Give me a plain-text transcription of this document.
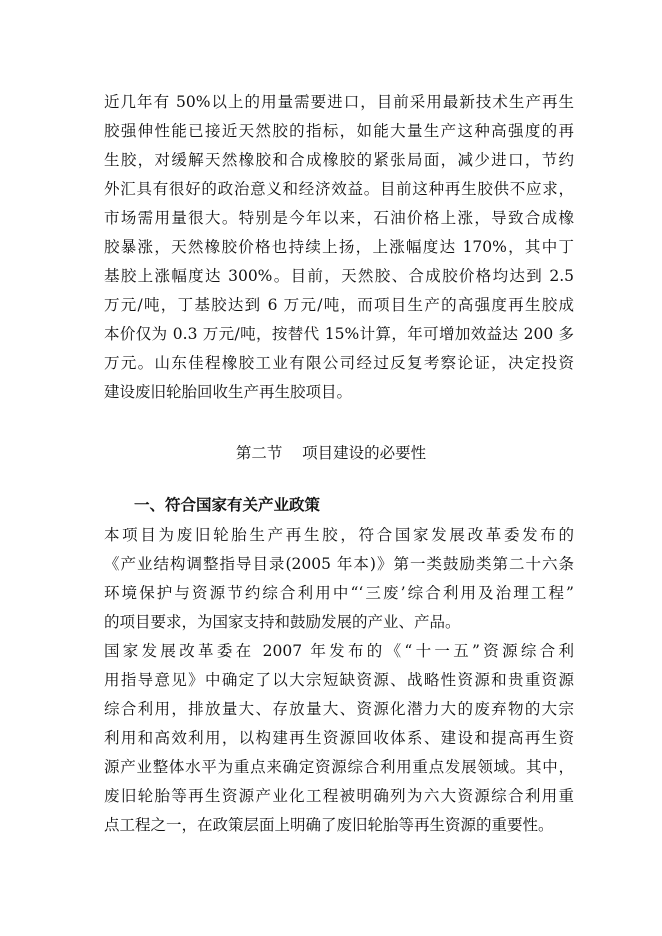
近几年有 50%以上的用量需要进口，目前采用最新技术生产再生
胶强伸性能已接近天然胶的指标，如能大量生产这种高强度的再
生胶，对缓解天然橡胶和合成橡胶的紧张局面，减少进口，节约
外汇具有很好的政治意义和经济效益。目前这种再生胶供不应求，
市场需用量很大。特别是今年以来，石油价格上涨，导致合成橡
胶暴涨，天然橡胶价格也持续上扬，上涨幅度达 170%，其中丁
基胶上涨幅度达 300%。目前，天然胶、合成胶价格均达到 2.5
万元/吨，丁基胶达到 6 万元/吨，而项目生产的高强度再生胶成
本价仅为 0.3 万元/吨，按替代 15%计算，年可增加效益达 200 多
万元。山东佳程橡胶工业有限公司经过反复考察论证，决定投资
建设废旧轮胎回收生产再生胶项目。
第二节    项目建设的必要性
一、符合国家有关产业政策
本项目为废旧轮胎生产再生胶，符合国家发展改革委发布的
《产业结构调整指导目录(2005 年本)》第一类鼓励类第二十六条
环境保护与资源节约综合利用中“‘三废’综合利用及治理工程”
的项目要求，为国家支持和鼓励发展的产业、产品。
国家发展改革委在 2007 年发布的《“十一五”资源综合利
用指导意见》中确定了以大宗短缺资源、战略性资源和贵重资源
综合利用，排放量大、存放量大、资源化潜力大的废弃物的大宗
利用和高效利用，以构建再生资源回收体系、建设和提高再生资
源产业整体水平为重点来确定资源综合利用重点发展领域。其中，
废旧轮胎等再生资源产业化工程被明确列为六大资源综合利用重
点工程之一，在政策层面上明确了废旧轮胎等再生资源的重要性。
